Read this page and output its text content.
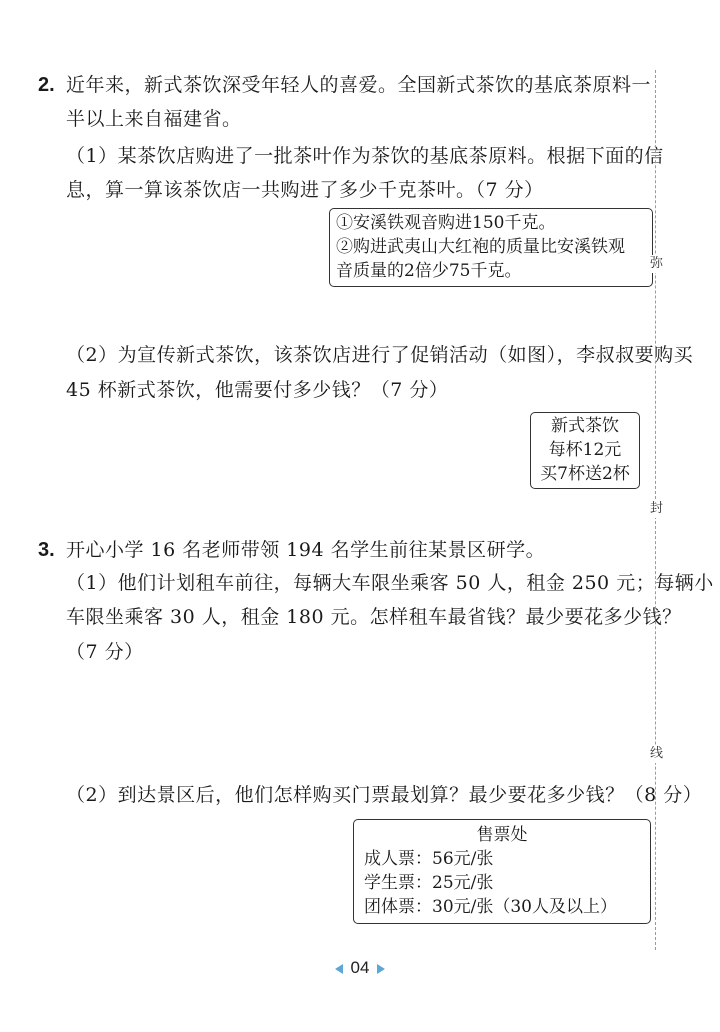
2. 近年来，新式茶饮深受年轻人的喜爱。全国新式茶饮的基底茶原料一
半以上来自福建省。
（1）某茶饮店购进了一批茶叶作为茶饮的基底茶原料。根据下面的信
息，算一算该茶饮店一共购进了多少千克茶叶。（7 分）
①安溪铁观音购进150千克。
②购进武夷山大红袍的质量比安溪铁观
音质量的2倍少75千克。
（2）为宣传新式茶饮，该茶饮店进行了促销活动（如图），李叔叔要购买
45 杯新式茶饮，他需要付多少钱？（7 分）
新式茶饮
每杯12元
买7杯送2杯
3. 开心小学 16 名老师带领 194 名学生前往某景区研学。
（1）他们计划租车前往，每辆大车限坐乘客 50 人，租金 250 元；每辆小
车限坐乘客 30 人，租金 180 元。怎样租车最省钱？最少要花多少钱？
（7 分）
（2）到达景区后，他们怎样购买门票最划算？最少要花多少钱？（8 分）
售票处
成人票：56元/张
学生票：25元/张
团体票：30元/张（30人及以上）
弥
封
线
04
